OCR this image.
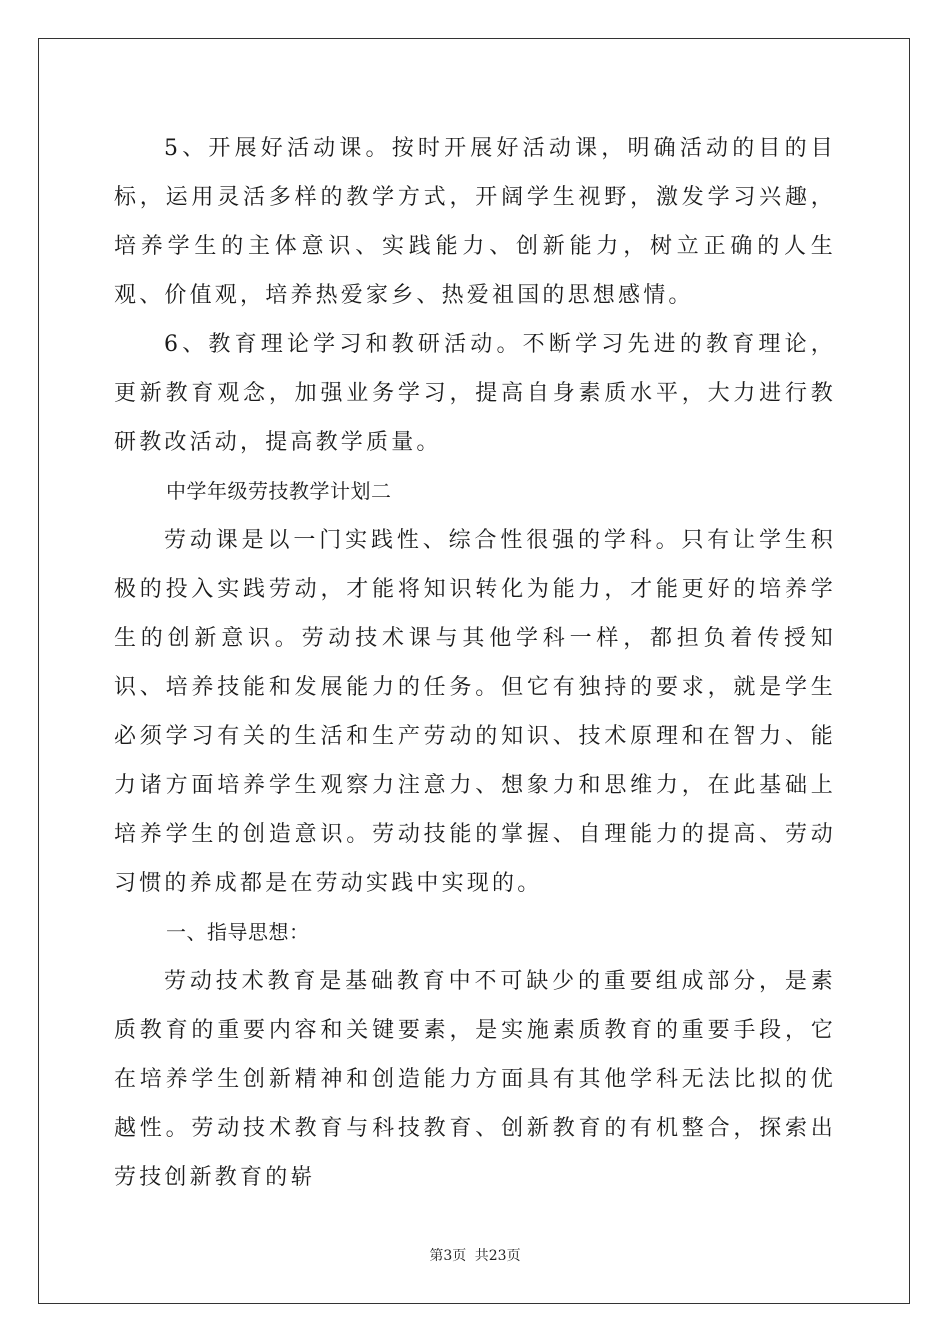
5、开展好活动课。按时开展好活动课，明确活动的目的目标，运用灵活多样的教学方式，开阔学生视野，激发学习兴趣，培养学生的主体意识、实践能力、创新能力，树立正确的人生观、价值观，培养热爱家乡、热爱祖国的思想感情。

6、教育理论学习和教研活动。不断学习先进的教育理论，更新教育观念，加强业务学习，提高自身素质水平，大力进行教研教改活动，提高教学质量。

中学年级劳技教学计划二

劳动课是以一门实践性、综合性很强的学科。只有让学生积极的投入实践劳动，才能将知识转化为能力，才能更好的培养学生的创新意识。劳动技术课与其他学科一样，都担负着传授知识、培养技能和发展能力的任务。但它有独持的要求，就是学生必须学习有关的生活和生产劳动的知识、技术原理和在智力、能力诸方面培养学生观察力注意力、想象力和思维力，在此基础上培养学生的创造意识。劳动技能的掌握、自理能力的提高、劳动习惯的养成都是在劳动实践中实现的。

一、指导思想：

劳动技术教育是基础教育中不可缺少的重要组成部分，是素质教育的重要内容和关键要素，是实施素质教育的重要手段，它在培养学生创新精神和创造能力方面具有其他学科无法比拟的优越性。劳动技术教育与科技教育、创新教育的有机整合，探索出劳技创新教育的崭

第3页 共23页
